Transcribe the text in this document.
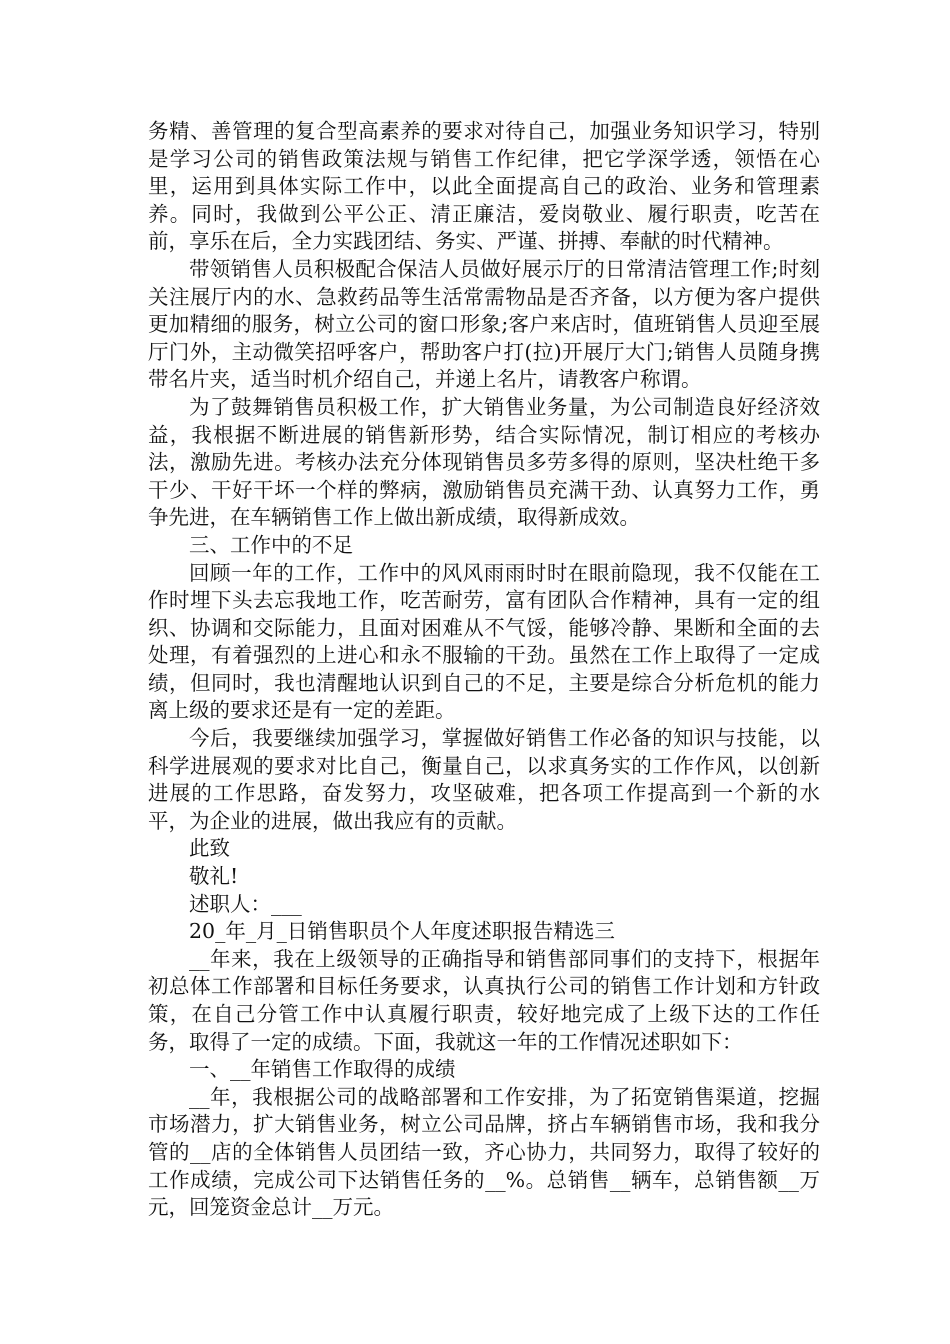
务精、善管理的复合型高素养的要求对待自己，加强业务知识学习，特别是学习公司的销售政策法规与销售工作纪律，把它学深学透，领悟在心里，运用到具体实际工作中，以此全面提高自己的政治、业务和管理素养。同时，我做到公平公正、清正廉洁，爱岗敬业、履行职责，吃苦在前，享乐在后，全力实践团结、务实、严谨、拼搏、奉献的时代精神。

带领销售人员积极配合保洁人员做好展示厅的日常清洁管理工作;时刻关注展厅内的水、急救药品等生活常需物品是否齐备，以方便为客户提供更加精细的服务，树立公司的窗口形象;客户来店时，值班销售人员迎至展厅门外，主动微笑招呼客户，帮助客户打(拉)开展厅大门;销售人员随身携带名片夹，适当时机介绍自己，并递上名片，请教客户称谓。

为了鼓舞销售员积极工作，扩大销售业务量，为公司制造良好经济效益，我根据不断进展的销售新形势，结合实际情况，制订相应的考核办法，激励先进。考核办法充分体现销售员多劳多得的原则，坚决杜绝干多干少、干好干坏一个样的弊病，激励销售员充满干劲、认真努力工作，勇争先进，在车辆销售工作上做出新成绩，取得新成效。

三、工作中的不足

回顾一年的工作，工作中的风风雨雨时时在眼前隐现，我不仅能在工作时埋下头去忘我地工作，吃苦耐劳，富有团队合作精神，具有一定的组织、协调和交际能力，且面对困难从不气馁，能够冷静、果断和全面的去处理，有着强烈的上进心和永不服输的干劲。虽然在工作上取得了一定成绩，但同时，我也清醒地认识到自己的不足，主要是综合分析危机的能力离上级的要求还是有一定的差距。

今后，我要继续加强学习，掌握做好销售工作必备的知识与技能，以科学进展观的要求对比自己，衡量自己，以求真务实的工作作风，以创新进展的工作思路，奋发努力，攻坚破难，把各项工作提高到一个新的水平，为企业的进展，做出我应有的贡献。

此致

敬礼!

述职人：___

20_年_月_日销售职员个人年度述职报告精选三

__年来，我在上级领导的正确指导和销售部同事们的支持下，根据年初总体工作部署和目标任务要求，认真执行公司的销售工作计划和方针政策，在自己分管工作中认真履行职责，较好地完成了上级下达的工作任务，取得了一定的成绩。下面，我就这一年的工作情况述职如下：

一、__年销售工作取得的成绩

__年，我根据公司的战略部署和工作安排，为了拓宽销售渠道，挖掘市场潜力，扩大销售业务，树立公司品牌，挤占车辆销售市场，我和我分管的__店的全体销售人员团结一致，齐心协力，共同努力，取得了较好的工作成绩，完成公司下达销售任务的__%。总销售__辆车，总销售额__万元，回笼资金总计__万元。
